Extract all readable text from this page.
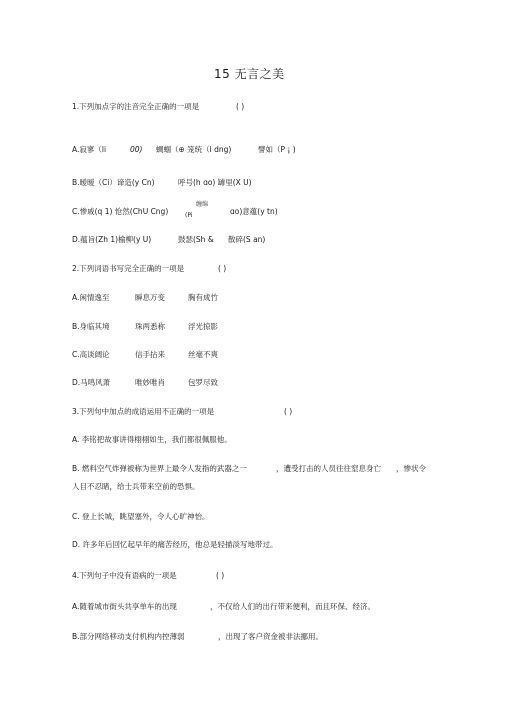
15 无言之美
1.下列加点字的注音完全正确的一项是	( )
A.寂寥（li	00) 蜩蝈（⊕ 笼统（l dng)	譬如（P ¡ )
B.暧暧（Ci）谛造(y Cn)	呼号(h ɑo) 罅里(X U)
缠绵
C.惨戚(q 1) 怆然(ChU Cng)	ɑo)意蕴(y tn)
(Pi
D.蕴旨(Zh 1)榆柳(y U)	鼓瑟(Sh & 散碎(S an)
2.下列词语书写完全正确的一项是	( )
A.闲情逸至	瞬息万变	胸有成竹
B.身临其境	珠两悉称	浮光掠影
C.高谈阔论	信手拈来	丝毫不爽
D.马鸣风萧	唯妙唯肖	包罗尽致
3.下列句中加点的成语运用不正确的一项是	( )
A. 李铭把故事讲得栩栩如生，我们都很佩服他。
B. 燃料空气炸弹被称为世界上最令人发指的武器之一	，遭受打击的人员往往窒息身亡 ，惨状令
人目不忍睹，给士兵带来空前的恐惧。
C. 登上长城，眺望塞外，令人心旷神怡。
D. 许多年后回忆起早年的痛苦经历，他总是轻描淡写地带过。
4.下列句子中没有语病的一项是	( )
A.随着城市街头共享单车的出现	，不仅给人们的出行带来便利，而且环保、经济。
B.部分网络移动支付机构内控薄弱	，出现了客户资金被非法挪用。
